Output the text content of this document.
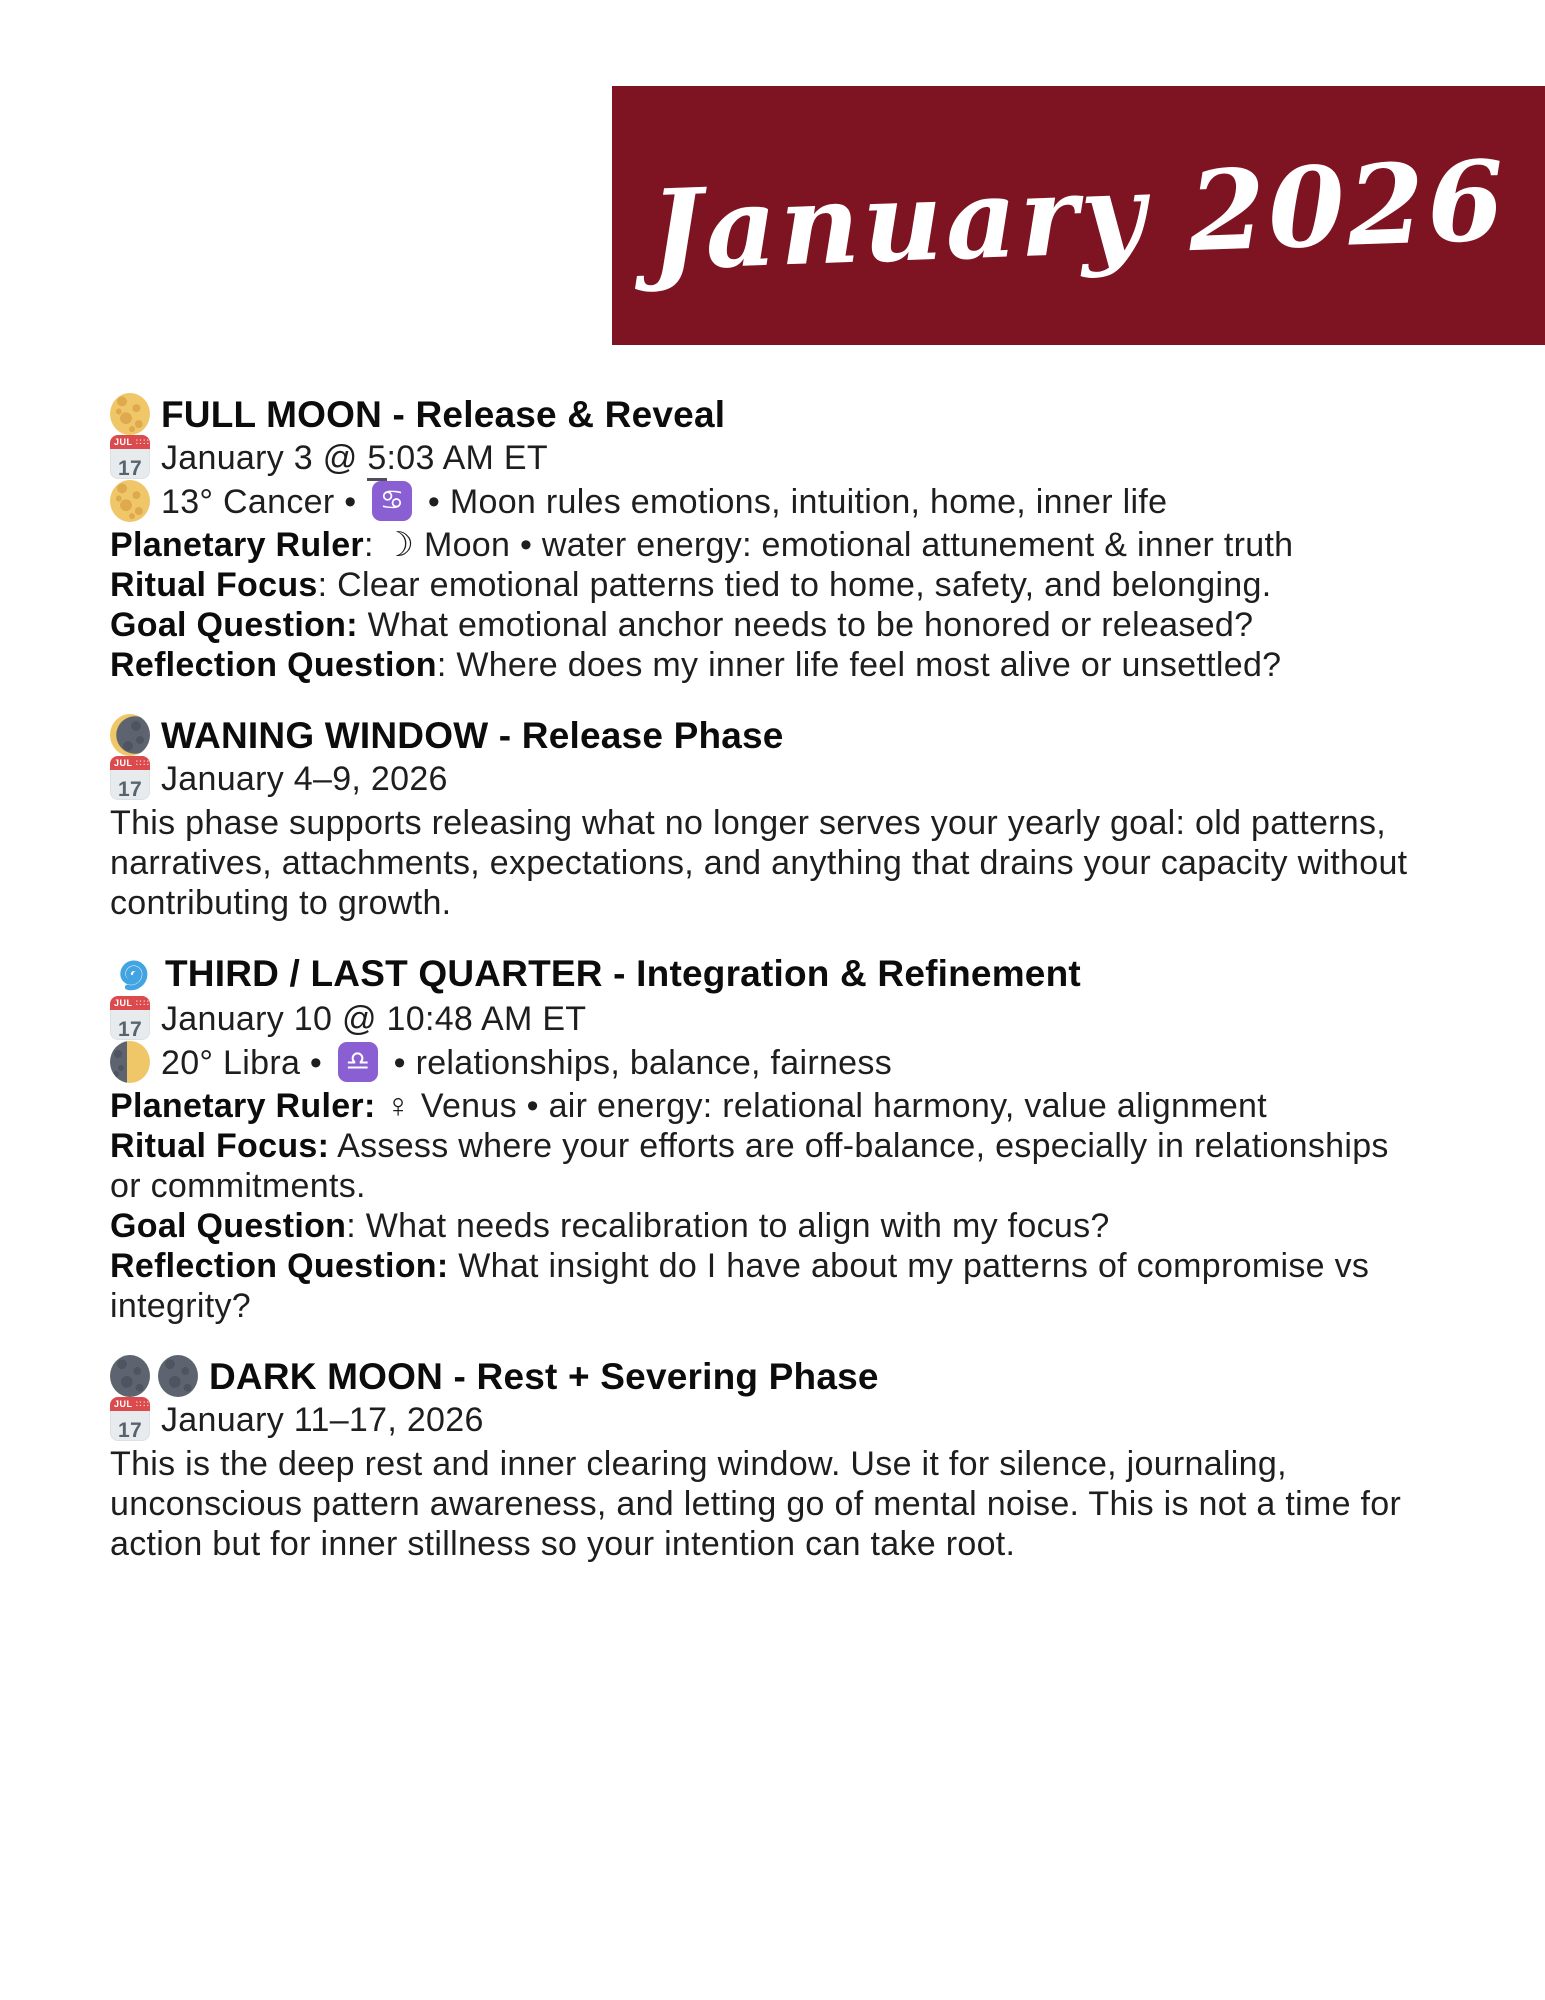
January 2026
FULL MOON - Release & Reveal
JUL ::::
17 January 3 @ 5:03 AM ET
13° Cancer • ♋ • Moon rules emotions, intuition, home, inner life
Planetary Ruler: ☽ Moon • water energy: emotional attunement & inner truth
Ritual Focus: Clear emotional patterns tied to home, safety, and belonging.
Goal Question: What emotional anchor needs to be honored or released?
Reflection Question: Where does my inner life feel most alive or unsettled?
WANING WINDOW - Release Phase
JUL ::::
17 January 4–9, 2026
This phase supports releasing what no longer serves your yearly goal: old patterns, narratives, attachments, expectations, and anything that drains your capacity without contributing to growth.
THIRD / LAST QUARTER - Integration & Refinement
JUL ::::
17 January 10 @ 10:48 AM ET
20° Libra • ♎ • relationships, balance, fairness
Planetary Ruler: ♀ Venus • air energy: relational harmony, value alignment
Ritual Focus: Assess where your efforts are off-balance, especially in relationships or commitments.
Goal Question: What needs recalibration to align with my focus?
Reflection Question: What insight do I have about my patterns of compromise vs integrity?
DARK MOON - Rest + Severing Phase
JUL ::::
17 January 11–17, 2026
This is the deep rest and inner clearing window. Use it for silence, journaling, unconscious pattern awareness, and letting go of mental noise. This is not a time for action but for inner stillness so your intention can take root.
